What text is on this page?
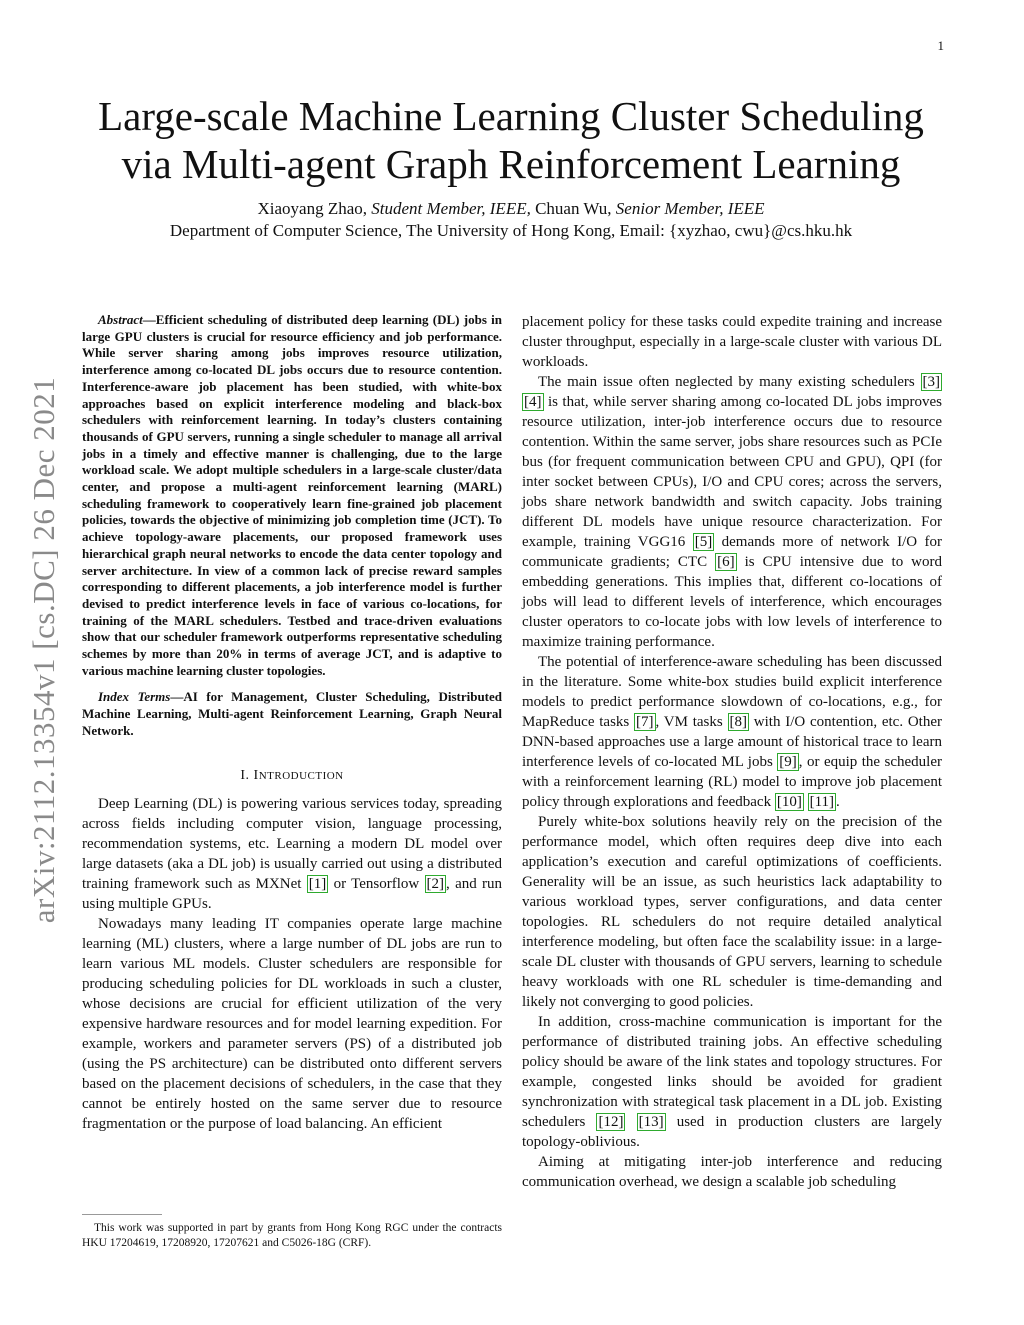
1
arXiv:2112.13354v1 [cs.DC] 26 Dec 2021
Large-scale Machine Learning Cluster Scheduling
via Multi-agent Graph Reinforcement Learning
Xiaoyang Zhao, Student Member, IEEE, Chuan Wu, Senior Member, IEEE
Department of Computer Science, The University of Hong Kong, Email: {xyzhao, cwu}@cs.hku.hk

Abstract—Efficient scheduling of distributed deep learning (DL) jobs in large GPU clusters is crucial for resource efficiency and job performance. While server sharing among jobs improves resource utilization, interference among co-located DL jobs occurs due to resource contention. Interference-aware job placement has been studied, with white-box approaches based on explicit interference modeling and black-box schedulers with reinforcement learning. In today’s clusters containing thousands of GPU servers, running a single scheduler to manage all arrival jobs in a timely and effective manner is challenging, due to the large workload scale. We adopt multiple schedulers in a large-scale cluster/data center, and propose a multi-agent reinforcement learning (MARL) scheduling framework to cooperatively learn fine-grained job placement policies, towards the objective of minimizing job completion time (JCT). To achieve topology-aware placements, our proposed framework uses hierarchical graph neural networks to encode the data center topology and server architecture. In view of a common lack of precise reward samples corresponding to different placements, a job interference model is further devised to predict interference levels in face of various co-locations, for training of the MARL schedulers. Testbed and trace-driven evaluations show that our scheduler framework outperforms representative scheduling schemes by more than 20% in terms of average JCT, and is adaptive to various machine learning cluster topologies.

Index Terms—AI for Management, Cluster Scheduling, Distributed Machine Learning, Multi-agent Reinforcement Learning, Graph Neural Network.

I. INTRODUCTION

Deep Learning (DL) is powering various services today, spreading across fields including computer vision, language processing, recommendation systems, etc. Learning a modern DL model over large datasets (aka a DL job) is usually carried out using a distributed training framework such as MXNet [1] or Tensorflow [2] , and run using multiple GPUs.

Nowadays many leading IT companies operate large machine learning (ML) clusters, where a large number of DL jobs are run to learn various ML models. Cluster schedulers are responsible for producing scheduling policies for DL workloads in such a cluster, whose decisions are crucial for efficient utilization of the very expensive hardware resources and for model learning expedition. For example, workers and parameter servers (PS) of a distributed job (using the PS architecture) can be distributed onto different servers based on the placement decisions of schedulers, in the case that they cannot be entirely hosted on the same server due to resource fragmentation or the purpose of load balancing. An efficient

This work was supported in part by grants from Hong Kong RGC under the contracts HKU 17204619, 17208920, 17207621 and C5026-18G (CRF).

placement policy for these tasks could expedite training and increase cluster throughput, especially in a large-scale cluster with various DL workloads.

The main issue often neglected by many existing schedulers [3] [4] is that, while server sharing among co-located DL jobs improves resource utilization, inter-job interference occurs due to resource contention. Within the same server, jobs share resources such as PCIe bus (for frequent communication between CPU and GPU), QPI (for inter socket between CPUs), I/O and CPU cores; across the servers, jobs share network bandwidth and switch capacity. Jobs training different DL models have unique resource characterization. For example, training VGG16 [5] demands more of network I/O for communicate gradients; CTC [6] is CPU intensive due to word embedding generations. This implies that, different co-locations of jobs will lead to different levels of interference, which encourages cluster operators to co-locate jobs with low levels of interference to maximize training performance.

The potential of interference-aware scheduling has been discussed in the literature. Some white-box studies build explicit interference models to predict performance slowdown of co-locations, e.g., for MapReduce tasks [7] , VM tasks [8] with I/O contention, etc. Other DNN-based approaches use a large amount of historical trace to learn interference levels of co-located ML jobs [9] , or equip the scheduler with a reinforcement learning (RL) model to improve job placement policy through explorations and feedback [10] [11] .

Purely white-box solutions heavily rely on the precision of the performance model, which often requires deep dive into each application’s execution and careful optimizations of coefficients. Generality will be an issue, as such heuristics lack adaptability to various workload types, server configurations, and data center topologies. RL schedulers do not require detailed analytical interference modeling, but often face the scalability issue: in a large-scale DL cluster with thousands of GPU servers, learning to schedule heavy workloads with one RL scheduler is time-demanding and likely not converging to good policies.

In addition, cross-machine communication is important for the performance of distributed training jobs. An effective scheduling policy should be aware of the link states and topology structures. For example, congested links should be avoided for gradient synchronization with strategical task placement in a DL job. Existing schedulers [12] [13] used in production clusters are largely topology-oblivious.

Aiming at mitigating inter-job interference and reducing communication overhead, we design a scalable job scheduling
